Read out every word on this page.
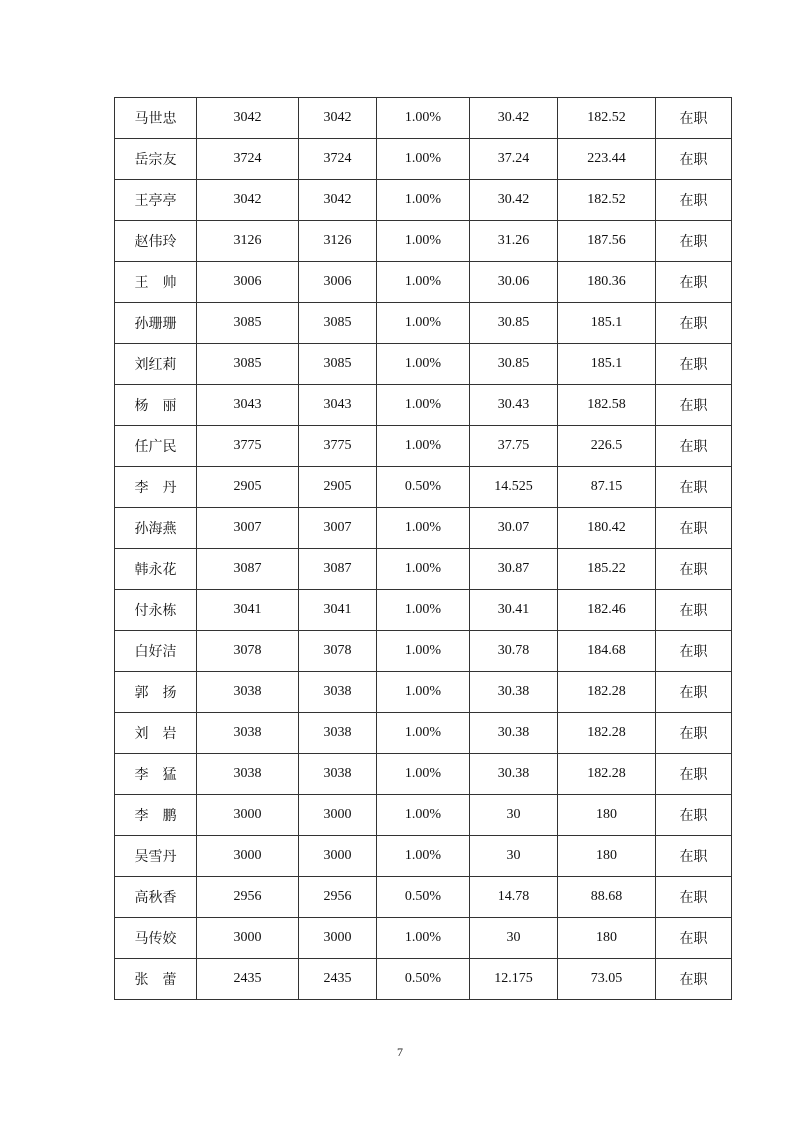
马世忠	3042	3042	1.00%	30.42	182.52	在职
岳宗友	3724	3724	1.00%	37.24	223.44	在职
王亭亭	3042	3042	1.00%	30.42	182.52	在职
赵伟玲	3126	3126	1.00%	31.26	187.56	在职
王　帅	3006	3006	1.00%	30.06	180.36	在职
孙珊珊	3085	3085	1.00%	30.85	185.1	在职
刘红莉	3085	3085	1.00%	30.85	185.1	在职
杨　丽	3043	3043	1.00%	30.43	182.58	在职
任广民	3775	3775	1.00%	37.75	226.5	在职
李　丹	2905	2905	0.50%	14.525	87.15	在职
孙海燕	3007	3007	1.00%	30.07	180.42	在职
韩永花	3087	3087	1.00%	30.87	185.22	在职
付永栋	3041	3041	1.00%	30.41	182.46	在职
白好洁	3078	3078	1.00%	30.78	184.68	在职
郭　扬	3038	3038	1.00%	30.38	182.28	在职
刘　岩	3038	3038	1.00%	30.38	182.28	在职
李　猛	3038	3038	1.00%	30.38	182.28	在职
李　鹏	3000	3000	1.00%	30	180	在职
吴雪丹	3000	3000	1.00%	30	180	在职
高秋香	2956	2956	0.50%	14.78	88.68	在职
马传姣	3000	3000	1.00%	30	180	在职
张　蕾	2435	2435	0.50%	12.175	73.05	在职
7
